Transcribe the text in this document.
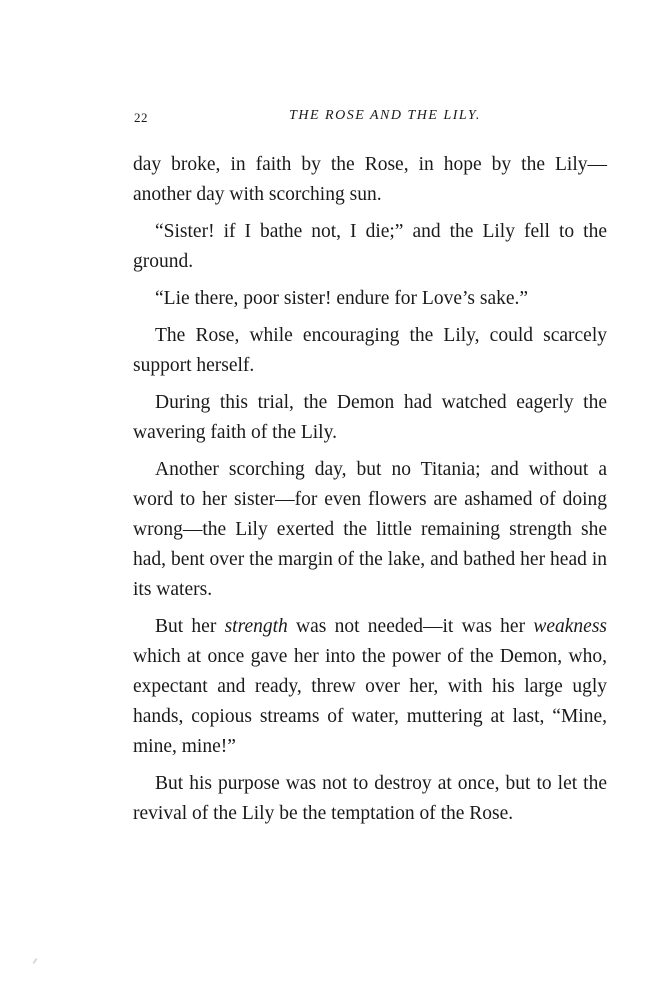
22	THE ROSE AND THE LILY.

day broke, in faith by the Rose, in hope by the Lily—another day with scorching sun.

“Sister! if I bathe not, I die;” and the Lily fell to the ground.

“Lie there, poor sister! endure for Love’s sake.”

The Rose, while encouraging the Lily, could scarcely support herself.

During this trial, the Demon had watched eagerly the wavering faith of the Lily.

Another scorching day, but no Titania; and without a word to her sister—for even flowers are ashamed of doing wrong—the Lily exerted the little remaining strength she had, bent over the margin of the lake, and bathed her head in its waters.

But her strength was not needed—it was her weakness which at once gave her into the power of the Demon, who, expectant and ready, threw over her, with his large ugly hands, copious streams of water, muttering at last, “Mine, mine, mine!”

But his purpose was not to destroy at once, but to let the revival of the Lily be the temptation of the Rose.
